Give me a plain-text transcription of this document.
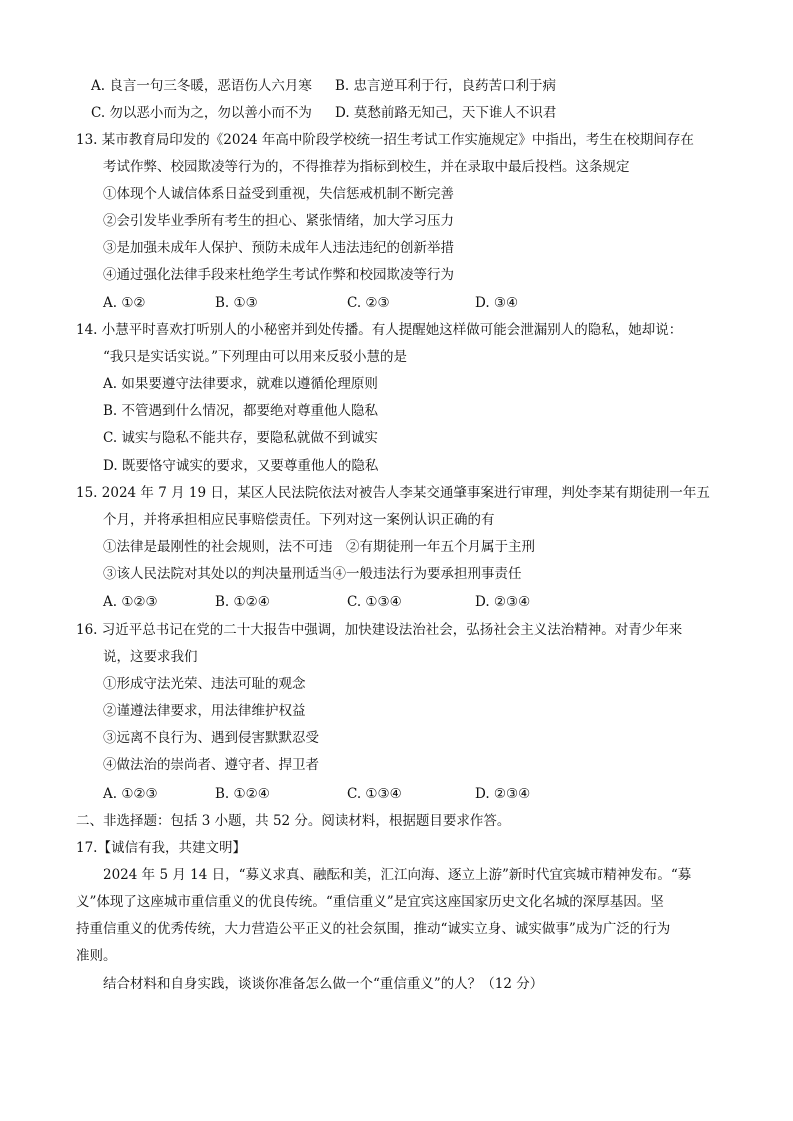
A. 良言一句三冬暖，恶语伤人六月寒 B. 忠言逆耳利于行，良药苦口利于病
C. 勿以恶小而为之，勿以善小而不为 D. 莫愁前路无知己，天下谁人不识君
13. 某市教育局印发的《2024 年高中阶段学校统一招生考试工作实施规定》中指出，考生在校期间存在
考试作弊、校园欺凌等行为的，不得推荐为指标到校生，并在录取中最后投档。这条规定
①体现个人诚信体系日益受到重视，失信惩戒机制不断完善
②会引发毕业季所有考生的担心、紧张情绪，加大学习压力
③是加强未成年人保护、预防未成年人违法违纪的创新举措
④通过强化法律手段来杜绝学生考试作弊和校园欺凌等行为
A. ①②	B. ①③	C. ②③	D. ③④
14. 小慧平时喜欢打听别人的小秘密并到处传播。有人提醒她这样做可能会泄漏别人的隐私，她却说：
“我只是实话实说。”下列理由可以用来反驳小慧的是
A. 如果要遵守法律要求，就难以遵循伦理原则
B. 不管遇到什么情况，都要绝对尊重他人隐私
C. 诚实与隐私不能共存，要隐私就做不到诚实
D. 既要恪守诚实的要求，又要尊重他人的隐私
15. 2024 年 7 月 19 日，某区人民法院依法对被告人李某交通肇事案进行审理，判处李某有期徒刑一年五
个月，并将承担相应民事赔偿责任。下列对这一案例认识正确的有
①法律是最刚性的社会规则，法不可违　②有期徒刑一年五个月属于主刑
③该人民法院对其处以的判决量刑适当④一般违法行为要承担刑事责任
A. ①②③	B. ①②④	C. ①③④	D. ②③④
16. 习近平总书记在党的二十大报告中强调，加快建设法治社会，弘扬社会主义法治精神。对青少年来
说，这要求我们
①形成守法光荣、违法可耻的观念
②谨遵法律要求，用法律维护权益
③远离不良行为、遇到侵害默默忍受
④做法治的崇尚者、遵守者、捍卫者
A. ①②③	B. ①②④	C. ①③④	D. ②③④
二、非选择题：包括 3 小题，共 52 分。阅读材料，根据题目要求作答。
17.【诚信有我，共建文明】
2024 年 5 月 14 日，“募义求真、融酝和美，汇江向海、逐立上游”新时代宜宾城市精神发布。“募
义”体现了这座城市重信重义的优良传统。“重信重义”是宜宾这座国家历史文化名城的深厚基因。坚
持重信重义的优秀传统，大力营造公平正义的社会氛围，推动“诚实立身、诚实做事”成为广泛的行为
准则。
结合材料和自身实践，谈谈你准备怎么做一个“重信重义”的人？（12 分）
